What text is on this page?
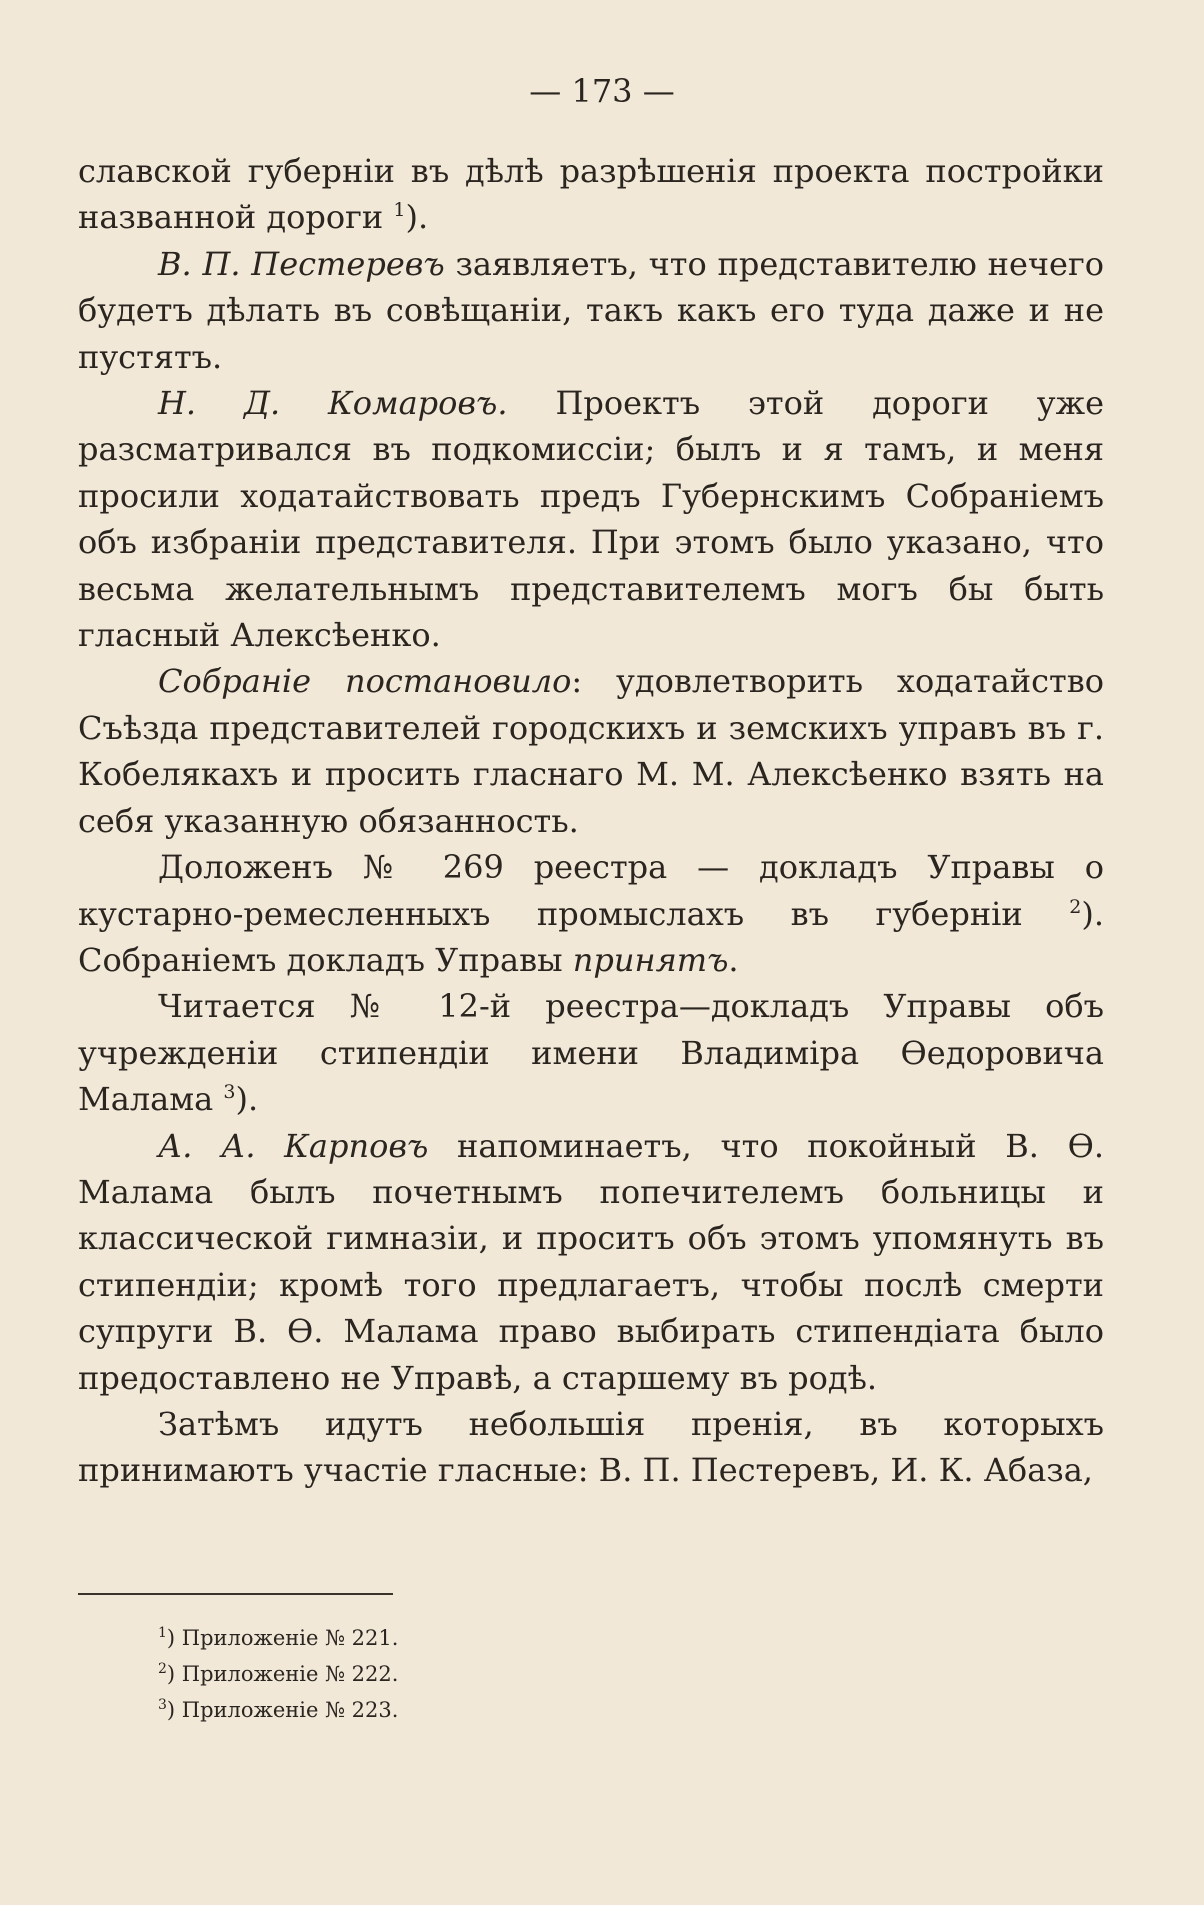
— 173 —

славской губерніи въ дѣлѣ разрѣшенія проекта постройки названной дороги $^1$).

В. П. Пестеревъ заявляетъ, что представителю нечего будетъ дѣлать въ совѣщаніи, такъ какъ его туда даже и не пустятъ.

Н. Д. Комаровъ. Проектъ этой дороги уже разсматривался въ подкомиссіи; былъ и я тамъ, и меня просили ходатайствовать предъ Губернскимъ Собраніемъ объ избраніи представителя. При этомъ было указано, что весьма желательнымъ представителемъ могъ бы быть гласный Алексѣенко.

Собраніе постановило: удовлетворить ходатайство Съѣзда представителей городскихъ и земскихъ управъ въ г. Кобелякахъ и просить гласнаго М. М. Алексѣенко взять на себя указанную обязанность.

Доложенъ № 269 реестра — докладъ Управы о кустарно-ремесленныхъ промыслахъ въ губерніи $^2$). Собраніемъ докладъ Управы принятъ.

Читается № 12-й реестра—докладъ Управы объ учрежденіи стипендіи имени Владиміра Ѳедоровича Малама $^3$).

А. А. Карповъ напоминаетъ, что покойный В. Ѳ. Малама былъ почетнымъ попечителемъ больницы и классической гимназіи, и проситъ объ этомъ упомянуть въ стипендіи; кромѣ того предлагаетъ, чтобы послѣ смерти супруги В. Ѳ. Малама право выбирать стипендіата было предоставлено не Управѣ, а старшему въ родѣ.

Затѣмъ идутъ небольшія пренія, въ которыхъ принимаютъ участіе гласные: В. П. Пестеревъ, И. К. Абаза,

$^1$) Приложеніе № 221.
$^2$) Приложеніе № 222.
$^3$) Приложеніе № 223.
